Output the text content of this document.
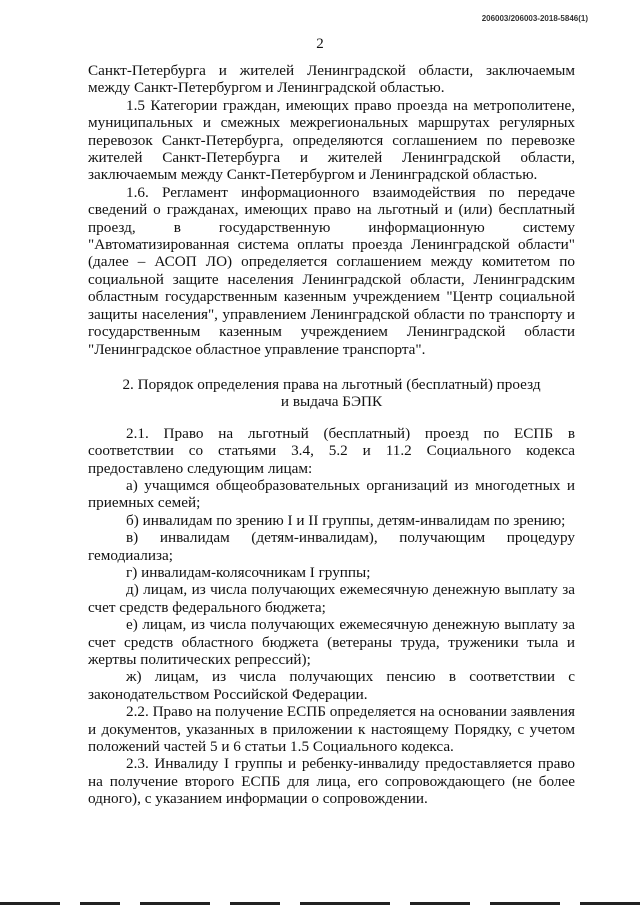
206003/206003-2018-5846(1)
2

Санкт-Петербурга и жителей Ленинградской области, заключаемым между Санкт-Петербургом и Ленинградской областью.

1.5 Категории граждан, имеющих право проезда на метрополитене, муниципальных и смежных межрегиональных маршрутах регулярных перевозок Санкт-Петербурга, определяются соглашением по перевозке жителей Санкт-Петербурга и жителей Ленинградской области, заключаемым между Санкт-Петербургом и Ленинградской областью.

1.6. Регламент информационного взаимодействия по передаче сведений о гражданах, имеющих право на льготный и (или) бесплатный проезд, в государственную информационную систему "Автоматизированная система оплаты проезда Ленинградской области" (далее – АСОП ЛО) определяется соглашением между комитетом по социальной защите населения Ленинградской области, Ленинградским областным государственным казенным учреждением "Центр социальной защиты населения", управлением Ленинградской области по транспорту и государственным казенным учреждением Ленинградской области "Ленинградское областное управление транспорта".

2. Порядок определения права на льготный (бесплатный) проезд
и выдача БЭПК

2.1. Право на льготный (бесплатный) проезд по ЕСПБ в соответствии со статьями 3.4, 5.2 и 11.2 Социального кодекса предоставлено следующим лицам:

а) учащимся общеобразовательных организаций из многодетных и приемных семей;

б) инвалидам по зрению I и II группы, детям-инвалидам по зрению;

в) инвалидам (детям-инвалидам), получающим процедуру гемодиализа;

г) инвалидам-колясочникам I группы;

д) лицам, из числа получающих ежемесячную денежную выплату за счет средств федерального бюджета;

е) лицам, из числа получающих ежемесячную денежную выплату за счет средств областного бюджета (ветераны труда, труженики тыла и жертвы политических репрессий);

ж) лицам, из числа получающих пенсию в соответствии с законодательством Российской Федерации.

2.2. Право на получение ЕСПБ определяется на основании заявления и документов, указанных в приложении к настоящему Порядку, с учетом положений частей 5 и 6 статьи 1.5 Социального кодекса.

2.3. Инвалиду I группы и ребенку-инвалиду предоставляется право на получение второго ЕСПБ для лица, его сопровождающего (не более одного), с указанием информации о сопровождении.
